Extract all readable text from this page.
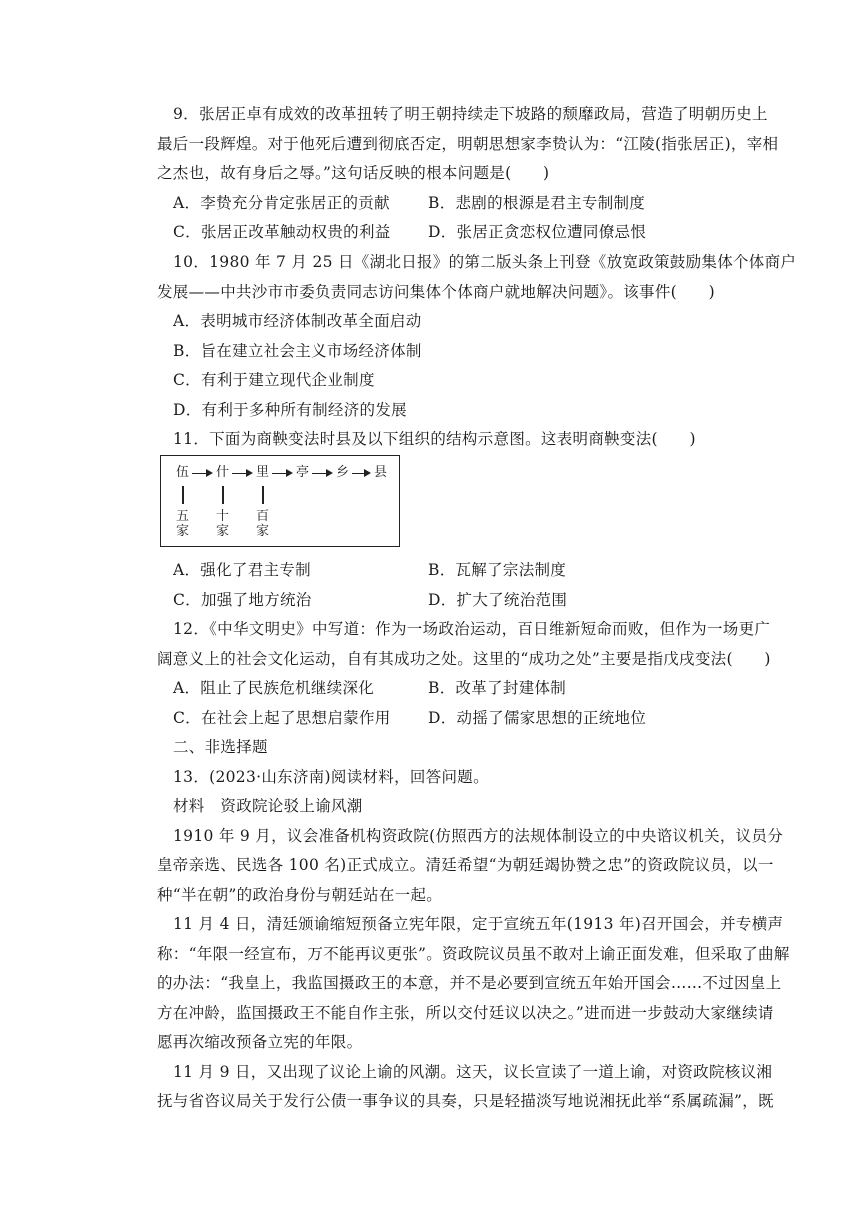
9．张居正卓有成效的改革扭转了明王朝持续走下坡路的颓靡政局，营造了明朝历史上
最后一段辉煌。对于他死后遭到彻底否定，明朝思想家李贽认为：“江陵(指张居正)，宰相
之杰也，故有身后之辱。”这句话反映的根本问题是(　　)
A．李贽充分肯定张居正的贡献 B．悲剧的根源是君主专制制度
C．张居正改革触动权贵的利益 D．张居正贪恋权位遭同僚忌恨
10．1980 年 7 月 25 日《湖北日报》的第二版头条上刊登《放宽政策鼓励集体个体商户
发展——中共沙市市委负责同志访问集体个体商户就地解决问题》。该事件(　　)
A．表明城市经济体制改革全面启动
B．旨在建立社会主义市场经济体制
C．有利于建立现代企业制度
D．有利于多种所有制经济的发展
11．下面为商鞅变法时县及以下组织的结构示意图。这表明商鞅变法(　　)
伍 什 里 亭 乡 县
五
家
十
家
百
家
A．强化了君主专制	B．瓦解了宗法制度
C．加强了地方统治	D．扩大了统治范围
12．《中华文明史》中写道：作为一场政治运动，百日维新短命而败，但作为一场更广
阔意义上的社会文化运动，自有其成功之处。这里的“成功之处”主要是指戊戌变法(　　)
A．阻止了民族危机继续深化	B．改革了封建体制
C．在社会上起了思想启蒙作用 D．动摇了儒家思想的正统地位
二、非选择题
13．(2023·山东济南)阅读材料，回答问题。
材料　资政院论驳上谕风潮
1910 年 9 月，议会准备机构资政院(仿照西方的法规体制设立的中央谘议机关，议员分
皇帝亲选、民选各 100 名)正式成立。清廷希望“为朝廷竭协赞之忠”的资政院议员，以一
种“半在朝”的政治身份与朝廷站在一起。
11 月 4 日，清廷颁谕缩短预备立宪年限，定于宣统五年(1913 年)召开国会，并专横声
称：“年限一经宣布，万不能再议更张”。资政院议员虽不敢对上谕正面发难，但采取了曲解
的办法：“我皇上，我监国摄政王的本意，并不是必要到宣统五年始开国会……不过因皇上
方在冲龄，监国摄政王不能自作主张，所以交付廷议以决之。”进而进一步鼓动大家继续请
愿再次缩改预备立宪的年限。
11 月 9 日，又出现了议论上谕的风潮。这天，议长宣读了一道上谕，对资政院核议湘
抚与省咨议局关于发行公债一事争议的具奏，只是轻描淡写地说湘抚此举“系属疏漏”，既
